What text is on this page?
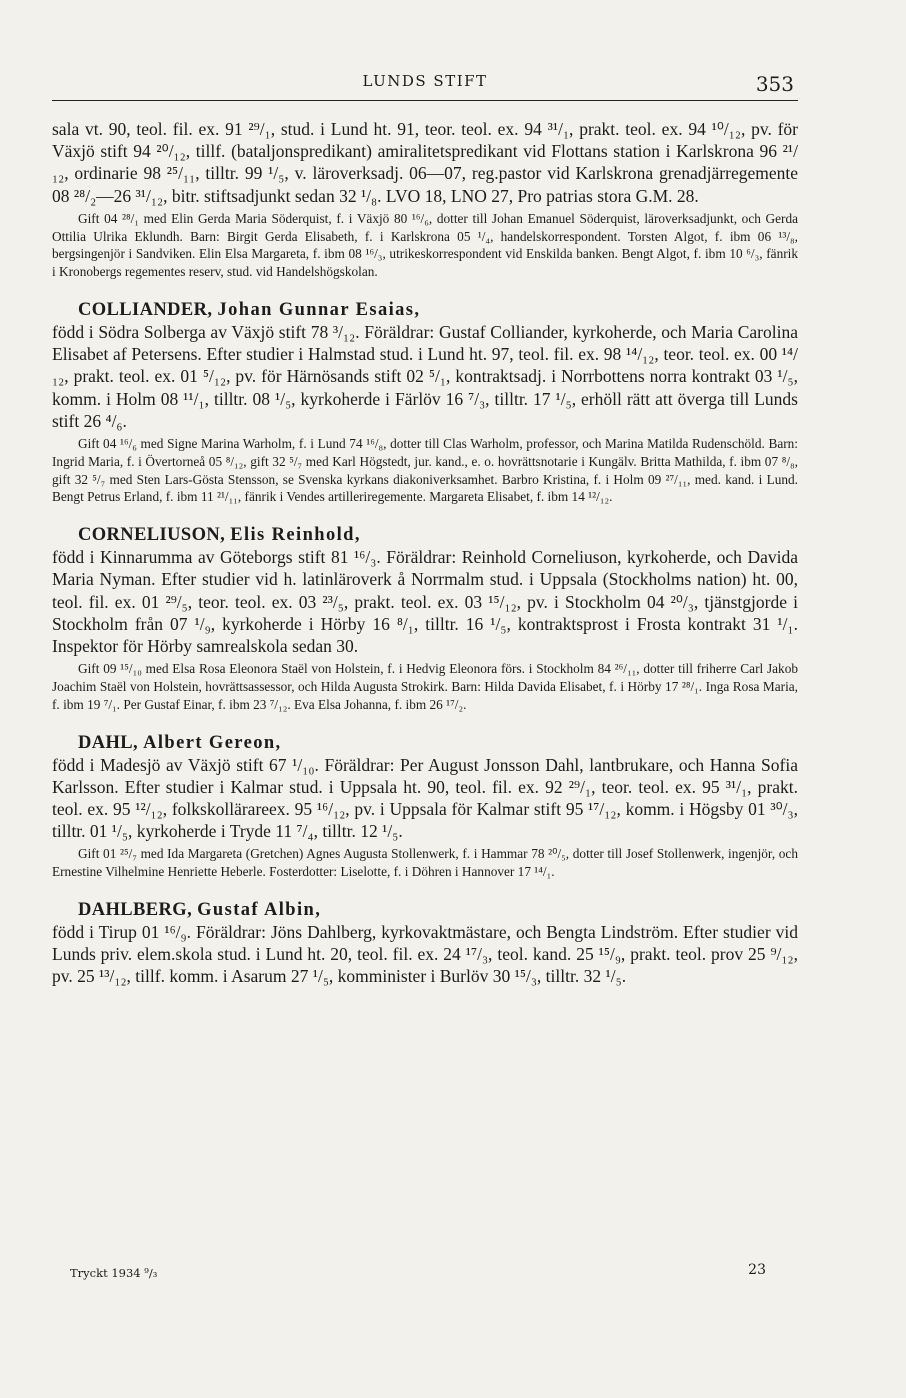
LUNDS STIFT	353

sala vt. 90, teol. fil. ex. 91 ²⁹/₁, stud. i Lund ht. 91, teor. teol. ex. 94 ³¹/₁, prakt. teol. ex. 94 ¹⁰/₁₂, pv. för Växjö stift 94 ²⁰/₁₂, tillf. (bataljonspredikant) amiralitetspredikant vid Flottans station i Karlskrona 96 ²¹/₁₂, ordinarie 98 ²⁵/₁₁, tilltr. 99 ¹/₅, v. läroverksadj. 06—07, reg.pastor vid Karlskrona grenadjärregemente 08 ²⁸/₂—26 ³¹/₁₂, bitr. stiftsadjunkt sedan 32 ¹/₈. LVO 18, LNO 27, Pro patrias stora G.M. 28.

Gift 04 ²⁸/₁ med Elin Gerda Maria Söderquist, f. i Växjö 80 ¹⁶/₆, dotter till Johan Emanuel Söderquist, läroverksadjunkt, och Gerda Ottilia Ulrika Eklundh. Barn: Birgit Gerda Elisabeth, f. i Karlskrona 05 ¹/₄, handelskorrespondent. Torsten Algot, f. ibm 06 ¹³/₈, bergsingenjör i Sandviken. Elin Elsa Margareta, f. ibm 08 ¹⁶/₃, utrikeskorrespondent vid Enskilda banken. Bengt Algot, f. ibm 10 ⁶/₃, fänrik i Kronobergs regementes reserv, stud. vid Handelshögskolan.

COLLIANDER, Johan Gunnar Esaias,

född i Södra Solberga av Växjö stift 78 ³/₁₂. Föräldrar: Gustaf Colliander, kyrkoherde, och Maria Carolina Elisabet af Petersens. Efter studier i Halmstad stud. i Lund ht. 97, teol. fil. ex. 98 ¹⁴/₁₂, teor. teol. ex. 00 ¹⁴/₁₂, prakt. teol. ex. 01 ⁵/₁₂, pv. för Härnösands stift 02 ⁵/₁, kontraktsadj. i Norrbottens norra kontrakt 03 ¹/₅, komm. i Holm 08 ¹¹/₁, tilltr. 08 ¹/₅, kyrkoherde i Färlöv 16 ⁷/₃, tilltr. 17 ¹/₅, erhöll rätt att överga till Lunds stift 26 ⁴/₆.

Gift 04 ¹⁶/₆ med Signe Marina Warholm, f. i Lund 74 ¹⁶/₈, dotter till Clas Warholm, professor, och Marina Matilda Rudenschöld. Barn: Ingrid Maria, f. i Övertorneå 05 ⁸/₁₂, gift 32 ⁵/₇ med Karl Högstedt, jur. kand., e. o. hovrättsnotarie i Kungälv. Britta Mathilda, f. ibm 07 ⁸/₈, gift 32 ⁵/₇ med Sten Lars-Gösta Stensson, se Svenska kyrkans diakoniverksamhet. Barbro Kristina, f. i Holm 09 ²⁷/₁₁, med. kand. i Lund. Bengt Petrus Erland, f. ibm 11 ²¹/₁₁, fänrik i Vendes artilleriregemente. Margareta Elisabet, f. ibm 14 ¹²/₁₂.

CORNELIUSON, Elis Reinhold,

född i Kinnarumma av Göteborgs stift 81 ¹⁶/₃. Föräldrar: Reinhold Corneliuson, kyrkoherde, och Davida Maria Nyman. Efter studier vid h. latinläroverk å Norrmalm stud. i Uppsala (Stockholms nation) ht. 00, teol. fil. ex. 01 ²⁹/₅, teor. teol. ex. 03 ²³/₅, prakt. teol. ex. 03 ¹⁵/₁₂, pv. i Stockholm 04 ²⁰/₃, tjänstgjorde i Stockholm från 07 ¹/₉, kyrkoherde i Hörby 16 ⁸/₁, tilltr. 16 ¹/₅, kontraktsprost i Frosta kontrakt 31 ¹/₁. Inspektor för Hörby samrealskola sedan 30.

Gift 09 ¹⁵/₁₀ med Elsa Rosa Eleonora Staël von Holstein, f. i Hedvig Eleonora förs. i Stockholm 84 ²⁶/₁₁, dotter till friherre Carl Jakob Joachim Staël von Holstein, hovrättsassessor, och Hilda Augusta Strokirk. Barn: Hilda Davida Elisabet, f. i Hörby 17 ²⁸/₁. Inga Rosa Maria, f. ibm 19 ⁷/₁. Per Gustaf Einar, f. ibm 23 ⁷/₁₂. Eva Elsa Johanna, f. ibm 26 ¹⁷/₂.

DAHL, Albert Gereon,

född i Madesjö av Växjö stift 67 ¹/₁₀. Föräldrar: Per August Jonsson Dahl, lantbrukare, och Hanna Sofia Karlsson. Efter studier i Kalmar stud. i Uppsala ht. 90, teol. fil. ex. 92 ²⁹/₁, teor. teol. ex. 95 ³¹/₁, prakt. teol. ex. 95 ¹²/₁₂, folkskollärareex. 95 ¹⁶/₁₂, pv. i Uppsala för Kalmar stift 95 ¹⁷/₁₂, komm. i Högsby 01 ³⁰/₃, tilltr. 01 ¹/₅, kyrkoherde i Tryde 11 ⁷/₄, tilltr. 12 ¹/₅.

Gift 01 ²⁵/₇ med Ida Margareta (Gretchen) Agnes Augusta Stollenwerk, f. i Hammar 78 ²⁰/₅, dotter till Josef Stollenwerk, ingenjör, och Ernestine Vilhelmine Henriette Heberle. Fosterdotter: Liselotte, f. i Döhren i Hannover 17 ¹⁴/₁.

DAHLBERG, Gustaf Albin,

född i Tirup 01 ¹⁶/₉. Föräldrar: Jöns Dahlberg, kyrkovaktmästare, och Bengta Lindström. Efter studier vid Lunds priv. elem.skola stud. i Lund ht. 20, teol. fil. ex. 24 ¹⁷/₃, teol. kand. 25 ¹⁵/₉, prakt. teol. prov 25 ⁹/₁₂, pv. 25 ¹³/₁₂, tillf. komm. i Asarum 27 ¹/₅, komminister i Burlöv 30 ¹⁵/₃, tilltr. 32 ¹/₅.

Tryckt 1934 ⁹/₃	23
